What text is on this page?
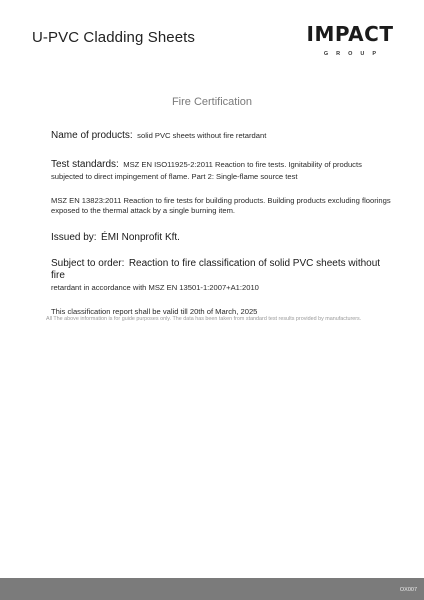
U-PVC Cladding Sheets	IMPACT
GROUP
Fire Certification

Name of products: solid PVC sheets without fire retardant

Test standards: MSZ EN ISO11925-2:2011 Reaction to fire tests. Ignitability of products subjected to direct impingement of flame. Part 2: Single-flame source test

MSZ EN 13823:2011 Reaction to fire tests for building products. Building products excluding floorings exposed to the thermal attack by a single burning item.

Issued by: ÉMI Nonprofit Kft.

Subject to order: Reaction to fire classification of solid PVC sheets without fire
retardant in accordance with MSZ EN 13501-1:2007+A1:2010

This classification report shall be valid till 20th of March, 2025

All The above information is for guide purposes only. The data has been taken from standard test results provided by manufacturers.
OX007
